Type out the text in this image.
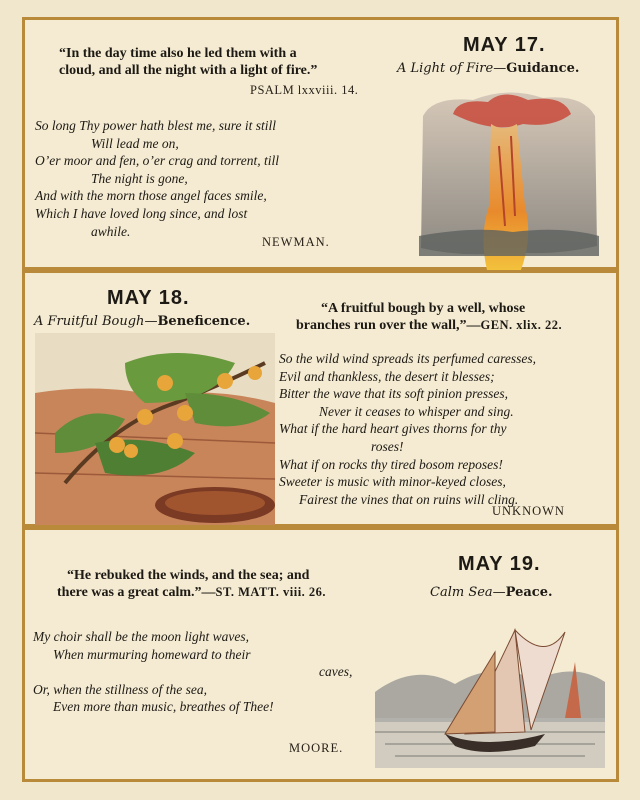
“In the day time also he led them with a
cloud, and all the night with a light of fire.”
PSALM lxxviii. 14.
MAY 17.
A Light of Fire—Guidance.
So long Thy power hath blest me, sure it still
Will lead me on,
O’er moor and fen, o’er crag and torrent, till
The night is gone,
And with the morn those angel faces smile,
Which I have loved long since, and lost
awhile.
NEWMAN.
MAY 18.
A Fruitful Bough—Beneficence.
“A fruitful bough by a well, whose
branches run over the wall,”—GEN. xlix. 22.
So the wild wind spreads its perfumed caresses,
Evil and thankless, the desert it blesses;
Bitter the wave that its soft pinion presses,
Never it ceases to whisper and sing.
What if the hard heart gives thorns for thy
roses!
What if on rocks thy tired bosom reposes!
Sweeter is music with minor-keyed closes,
Fairest the vines that on ruins will cling.
UNKNOWN
“He rebuked the winds, and the sea; and
there was a great calm.”—ST. MATT. viii. 26.
MAY 19.
Calm Sea—Peace.
My choir shall be the moon light waves,
When murmuring homeward to their
caves,
Or, when the stillness of the sea,
Even more than music, breathes of Thee!
MOORE.
